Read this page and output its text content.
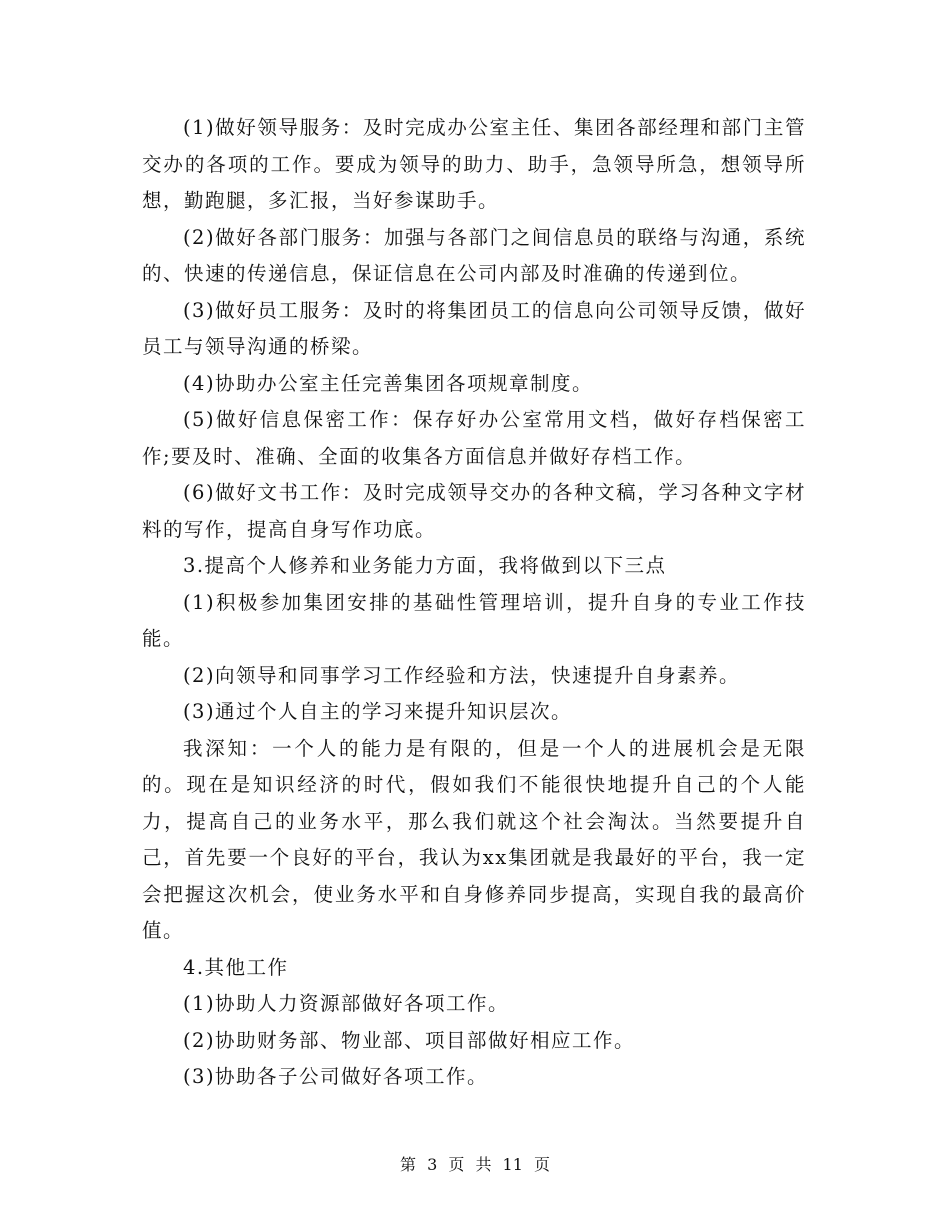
(1)做好领导服务：及时完成办公室主任、集团各部经理和部门主管交办的各项的工作。要成为领导的助力、助手，急领导所急，想领导所想，勤跑腿，多汇报，当好参谋助手。

(2)做好各部门服务：加强与各部门之间信息员的联络与沟通，系统的、快速的传递信息，保证信息在公司内部及时准确的传递到位。

(3)做好员工服务：及时的将集团员工的信息向公司领导反馈，做好员工与领导沟通的桥梁。

(4)协助办公室主任完善集团各项规章制度。

(5)做好信息保密工作：保存好办公室常用文档，做好存档保密工作;要及时、准确、全面的收集各方面信息并做好存档工作。

(6)做好文书工作：及时完成领导交办的各种文稿，学习各种文字材料的写作，提高自身写作功底。

3.提高个人修养和业务能力方面，我将做到以下三点

(1)积极参加集团安排的基础性管理培训，提升自身的专业工作技能。

(2)向领导和同事学习工作经验和方法，快速提升自身素养。

(3)通过个人自主的学习来提升知识层次。

我深知：一个人的能力是有限的，但是一个人的进展机会是无限的。现在是知识经济的时代，假如我们不能很快地提升自己的个人能力，提高自己的业务水平，那么我们就这个社会淘汰。当然要提升自己，首先要一个良好的平台，我认为xx集团就是我最好的平台，我一定会把握这次机会，使业务水平和自身修养同步提高，实现自我的最高价值。

4.其他工作

(1)协助人力资源部做好各项工作。

(2)协助财务部、物业部、项目部做好相应工作。

(3)协助各子公司做好各项工作。

第 3 页 共 11 页
